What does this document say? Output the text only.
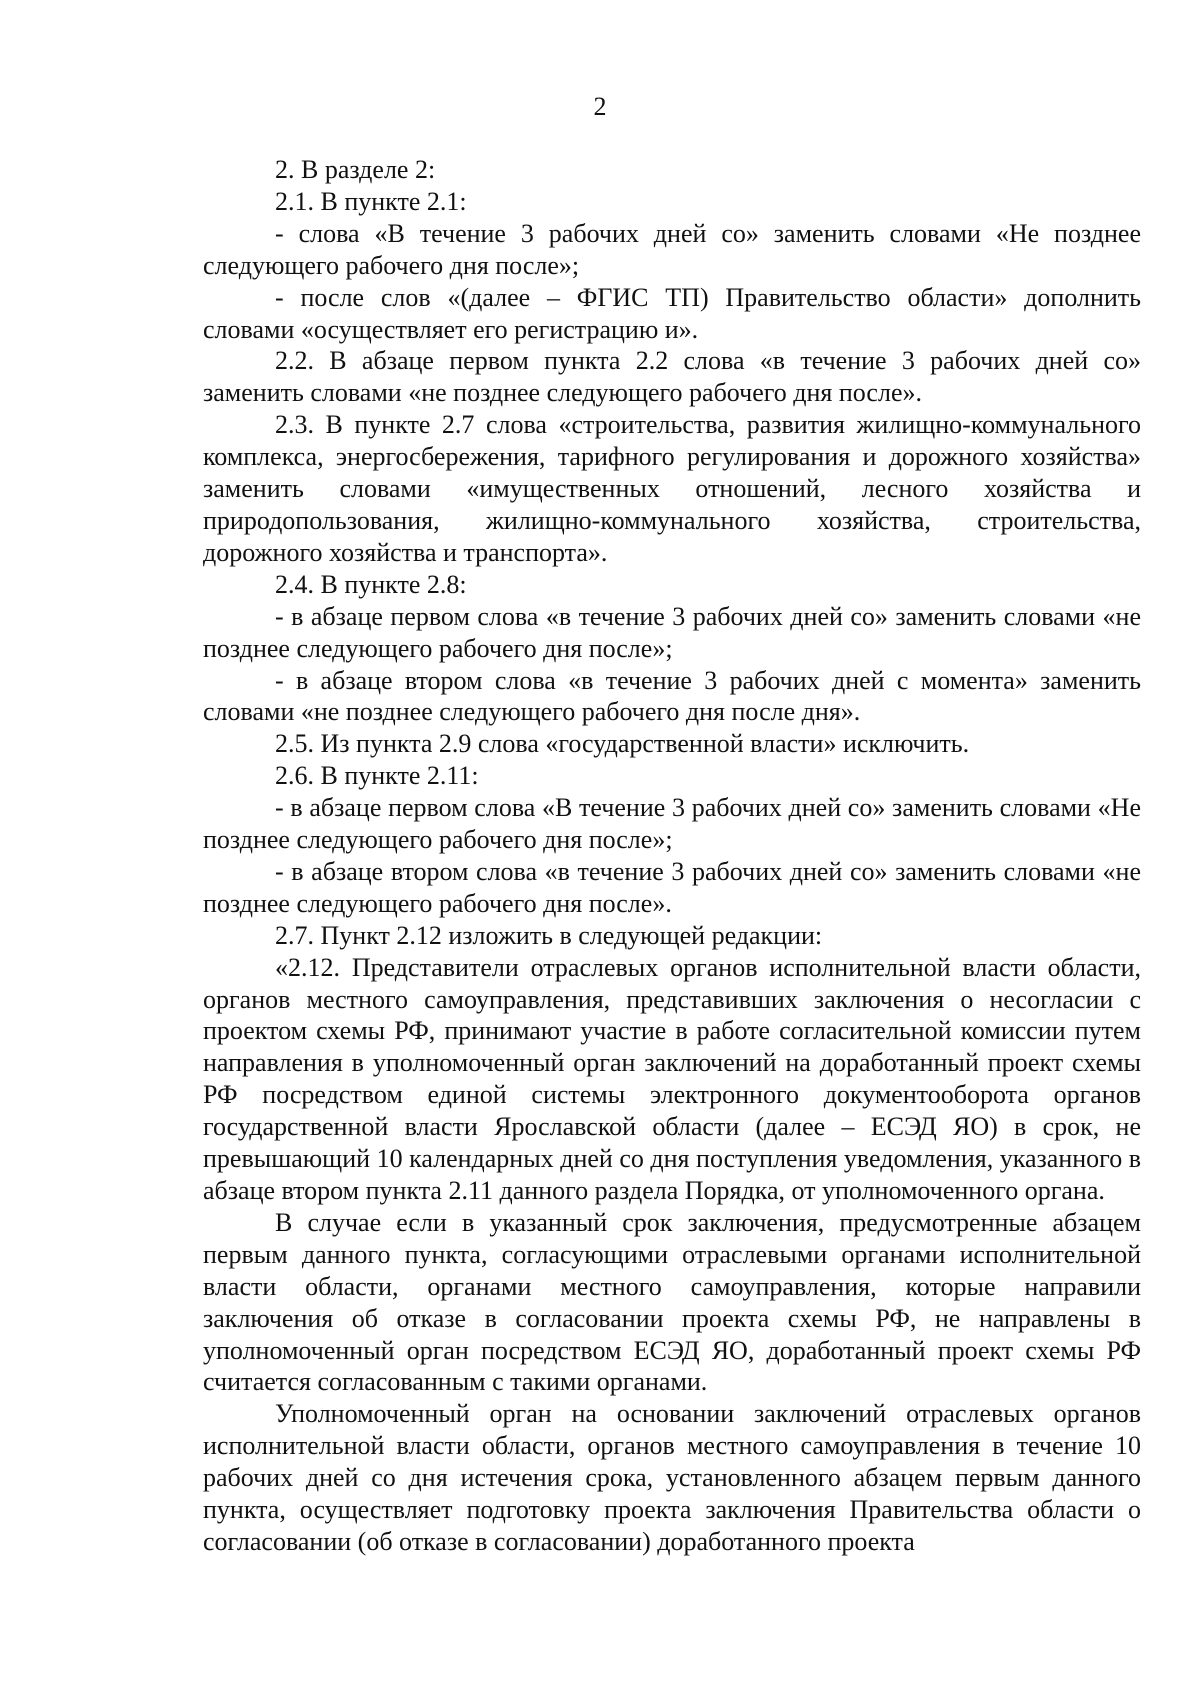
2

2. В разделе 2:

2.1. В пункте 2.1:

- слова «В течение 3 рабочих дней со» заменить словами «Не позднее следующего рабочего дня после»;

- после слов «(далее – ФГИС ТП) Правительство области» дополнить словами «осуществляет его регистрацию и».

2.2. В абзаце первом пункта 2.2 слова «в течение 3 рабочих дней со» заменить словами «не позднее следующего рабочего дня после».

2.3. В пункте 2.7 слова «строительства, развития жилищно-коммунального комплекса, энергосбережения, тарифного регулирования и дорожного хозяйства» заменить словами «имущественных отношений, лесного хозяйства и природопользования, жилищно-коммунального хозяйства, строительства, дорожного хозяйства и транспорта».

2.4. В пункте 2.8:

- в абзаце первом слова «в течение 3 рабочих дней со» заменить словами «не позднее следующего рабочего дня после»;

- в абзаце втором слова «в течение 3 рабочих дней с момента» заменить словами «не позднее следующего рабочего дня после дня».

2.5. Из пункта 2.9 слова «государственной власти» исключить.

2.6. В пункте 2.11:

- в абзаце первом слова «В течение 3 рабочих дней со» заменить словами «Не позднее следующего рабочего дня после»;

- в абзаце втором слова «в течение 3 рабочих дней со» заменить словами «не позднее следующего рабочего дня после».

2.7. Пункт 2.12 изложить в следующей редакции:

«2.12. Представители отраслевых органов исполнительной власти области, органов местного самоуправления, представивших заключения о несогласии с проектом схемы РФ, принимают участие в работе согласительной комиссии путем направления в уполномоченный орган заключений на доработанный проект схемы РФ посредством единой системы электронного документооборота органов государственной власти Ярославской области (далее – ЕСЭД ЯО) в срок, не превышающий 10 календарных дней со дня поступления уведомления, указанного в абзаце втором пункта 2.11 данного раздела Порядка, от уполномоченного органа.

В случае если в указанный срок заключения, предусмотренные абзацем первым данного пункта, согласующими отраслевыми органами исполнительной власти области, органами местного самоуправления, которые направили заключения об отказе в согласовании проекта схемы РФ, не направлены в уполномоченный орган посредством ЕСЭД ЯО, доработанный проект схемы РФ считается согласованным с такими органами.

Уполномоченный орган на основании заключений отраслевых органов исполнительной власти области, органов местного самоуправления в течение 10 рабочих дней со дня истечения срока, установленного абзацем первым данного пункта, осуществляет подготовку проекта заключения Правительства области о согласовании (об отказе в согласовании) доработанного проекта
